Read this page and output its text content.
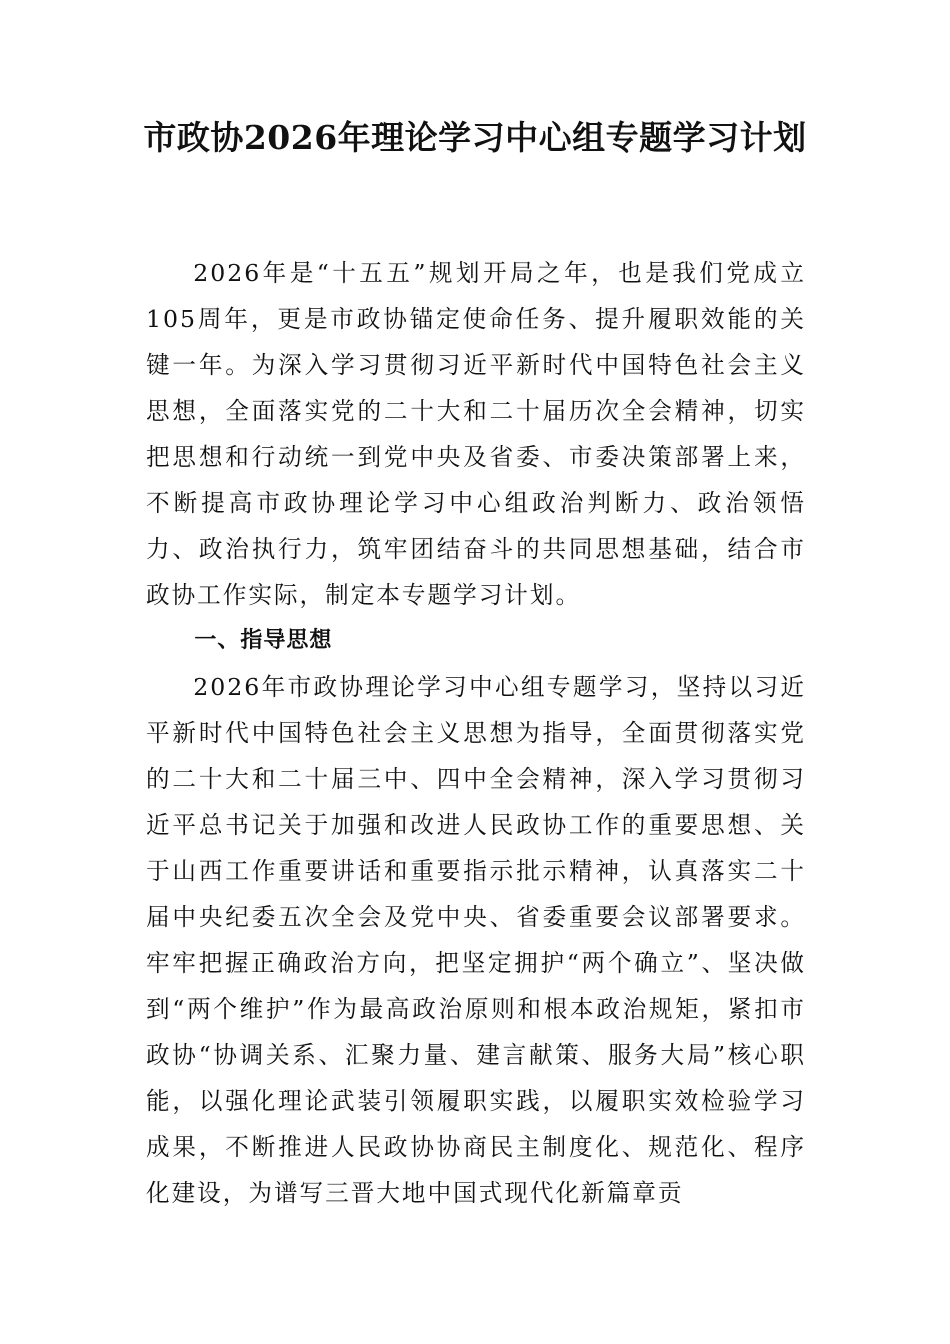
市政协2026年理论学习中心组专题学习计划

2026年是“十五五”规划开局之年，也是我们党成立105周年，更是市政协锚定使命任务、提升履职效能的关键一年。为深入学习贯彻习近平新时代中国特色社会主义思想，全面落实党的二十大和二十届历次全会精神，切实把思想和行动统一到党中央及省委、市委决策部署上来，不断提高市政协理论学习中心组政治判断力、政治领悟力、政治执行力，筑牢团结奋斗的共同思想基础，结合市政协工作实际，制定本专题学习计划。

一、指导思想

2026年市政协理论学习中心组专题学习，坚持以习近平新时代中国特色社会主义思想为指导，全面贯彻落实党的二十大和二十届三中、四中全会精神，深入学习贯彻习近平总书记关于加强和改进人民政协工作的重要思想、关于山西工作重要讲话和重要指示批示精神，认真落实二十届中央纪委五次全会及党中央、省委重要会议部署要求。牢牢把握正确政治方向，把坚定拥护“两个确立”、坚决做到“两个维护”作为最高政治原则和根本政治规矩，紧扣市政协“协调关系、汇聚力量、建言献策、服务大局”核心职能，以强化理论武装引领履职实践，以履职实效检验学习成果，不断推进人民政协协商民主制度化、规范化、程序化建设，为谱写三晋大地中国式现代化新篇章贡
